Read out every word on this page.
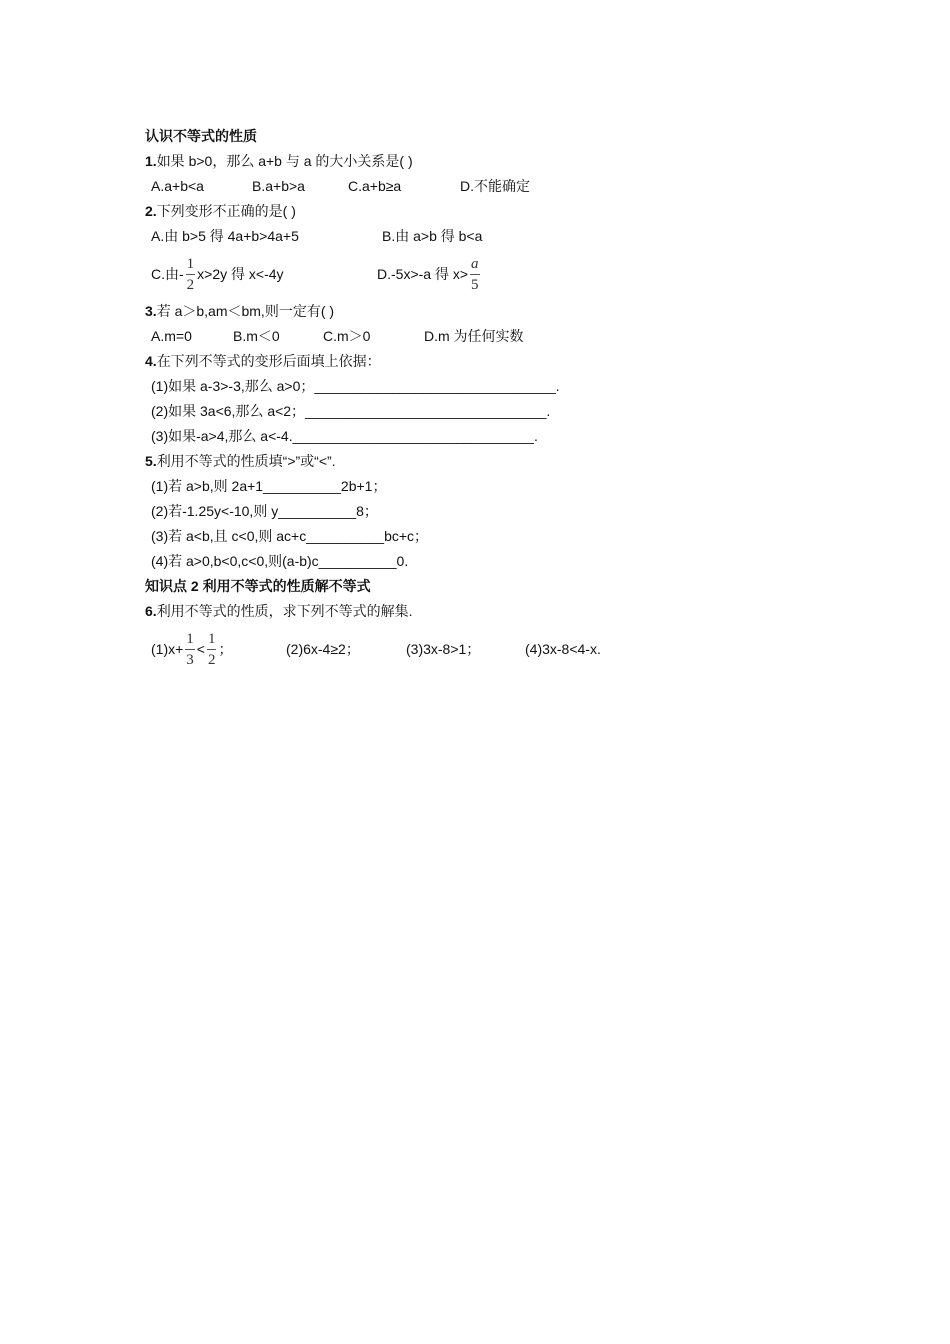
认识不等式的性质
1.如果 b>0，那么 a+b 与 a 的大小关系是( )
A.a+b<a	B.a+b>a	C.a+b≥a	D.不能确定
2.下列变形不正确的是( )
A.由 b>5 得 4a+b>4a+5	B.由 a>b 得 b<a
C.由- $\frac{1}{2} x>2y$ 得 x<-4y	D.-5x>-a 得 $x> \frac{a}{5}$
3.若 a＞b,am＜bm,则一定有( )
A.m=0	B.m＜0	C.m＞0	D.m 为任何实数
4.在下列不等式的变形后面填上依据：
(1)如果 a-3>-3,那么 a>0；_______________________________.
(2)如果 3a<6,那么 a<2；_______________________________.
(3)如果-a>4,那么 a<-4._______________________________.
5.利用不等式的性质填“>”或“<”.
(1)若 a>b,则 2a+1__________2b+1；
(2)若-1.25y<-10,则 y__________8；
(3)若 a<b,且 c<0,则 ac+c__________bc+c；
(4)若 a>0,b<0,c<0,则(a-b)c__________0.
知识点 2 利用不等式的性质解不等式
6.利用不等式的性质，求下列不等式的解集.
$(1)x+ \frac{1}{3} < \frac{1}{2}$ ；	(2)6x-4≥2；	(3)3x-8>1；	(4)3x-8<4-x.
